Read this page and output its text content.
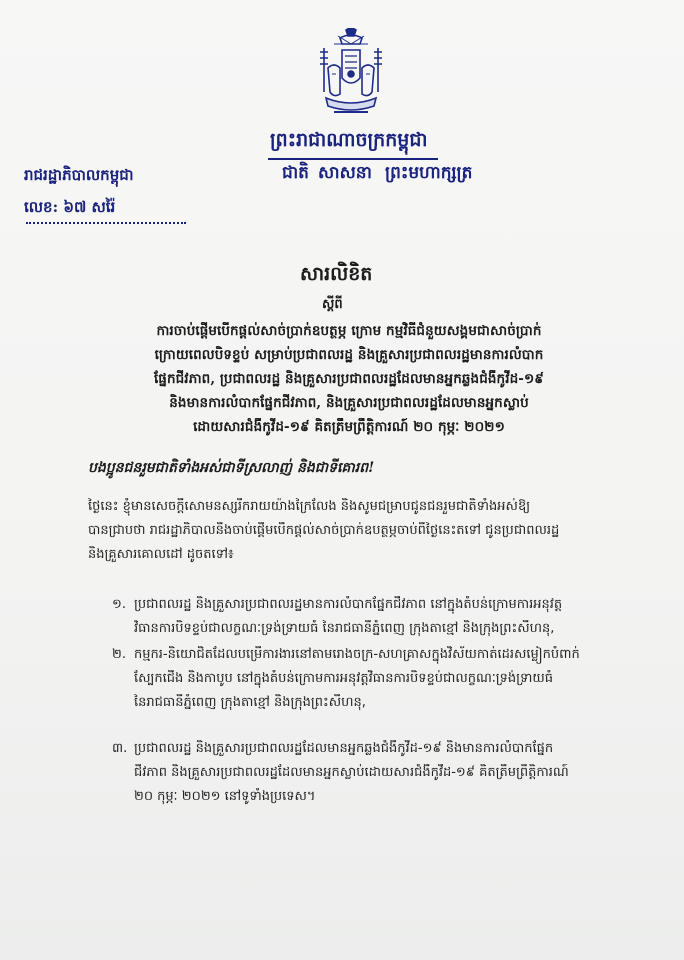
ព្រះរាជាណាចក្រកម្ពុជា
ជាតិ សាសនា ព្រះមហាក្សត្រ
រាជរដ្ឋាភិបាលកម្ពុជា
លេខ: ៦៧ សរ៉ៃ
សារលិខិត
ស្តីពី
ការចាប់ផ្តើមបើកផ្តល់សាច់ប្រាក់ឧបត្ថម្ភ ក្រោម កម្មវិធីជំនួយសង្គមជាសាច់ប្រាក់
ក្រោយពេលបិទខ្ទប់ សម្រាប់ប្រជាពលរដ្ឋ និងគ្រួសារប្រជាពលរដ្ឋមានការលំបាក
ផ្នែកជីវភាព, ប្រជាពលរដ្ឋ និងគ្រួសារប្រជាពលរដ្ឋដែលមានអ្នកឆ្លងជំងឺកូវីដ-១៩
និងមានការលំបាកផ្នែកជីវភាព, និងគ្រួសារប្រជាពលរដ្ឋដែលមានអ្នកស្លាប់
ដោយសារជំងឺកូវីដ-១៩ គិតត្រឹមព្រឹត្តិការណ៍ ២០ កុម្ភៈ ២០២១
បងប្អូនជនរួមជាតិទាំងអស់ជាទីស្រលាញ់ និងជាទីគោរព!
ថ្ងៃនេះ ខ្ញុំមានសេចក្តីសោមនស្សរីករាយយ៉ាងក្រៃលែង និងសូមជម្រាបជូនជនរួមជាតិទាំងអស់ឱ្យ
បានជ្រាបថា រាជរដ្ឋាភិបាលនឹងចាប់ផ្តើមបើកផ្តល់សាច់ប្រាក់ឧបត្ថម្ភចាប់ពីថ្ងៃនេះតទៅ ជូនប្រជាពលរដ្ឋ
និងគ្រួសារគោលដៅ ដូចតទៅ៖
១. ប្រជាពលរដ្ឋ និងគ្រួសារប្រជាពលរដ្ឋមានការលំបាកផ្នែកជីវភាព នៅក្នុងតំបន់ក្រោមការអនុវត្ត
វិធានការបិទខ្ទប់ជាលក្ខណៈទ្រង់ទ្រាយធំ នៃរាជធានីភ្នំពេញ ក្រុងតាខ្មៅ និងក្រុងព្រះសីហនុ,
២. កម្មករ-និយោជិតដែលបម្រើការងារនៅតាមរោងចក្រ-សហគ្រាសក្នុងវិស័យកាត់ដេរសម្លៀកបំពាក់
ស្បែកជើង និងកាបូប នៅក្នុងតំបន់ក្រោមការអនុវត្តវិធានការបិទខ្ទប់ជាលក្ខណៈទ្រង់ទ្រាយធំ
នៃរាជធានីភ្នំពេញ ក្រុងតាខ្មៅ និងក្រុងព្រះសីហនុ,
៣. ប្រជាពលរដ្ឋ និងគ្រួសារប្រជាពលរដ្ឋដែលមានអ្នកឆ្លងជំងឺកូវីដ-១៩ និងមានការលំបាកផ្នែក
ជីវភាព និងគ្រួសារប្រជាពលរដ្ឋដែលមានអ្នកស្លាប់ដោយសារជំងឺកូវីដ-១៩ គិតត្រឹមព្រឹត្តិការណ៍
២០ កុម្ភៈ ២០២១ នៅទូទាំងប្រទេស។
